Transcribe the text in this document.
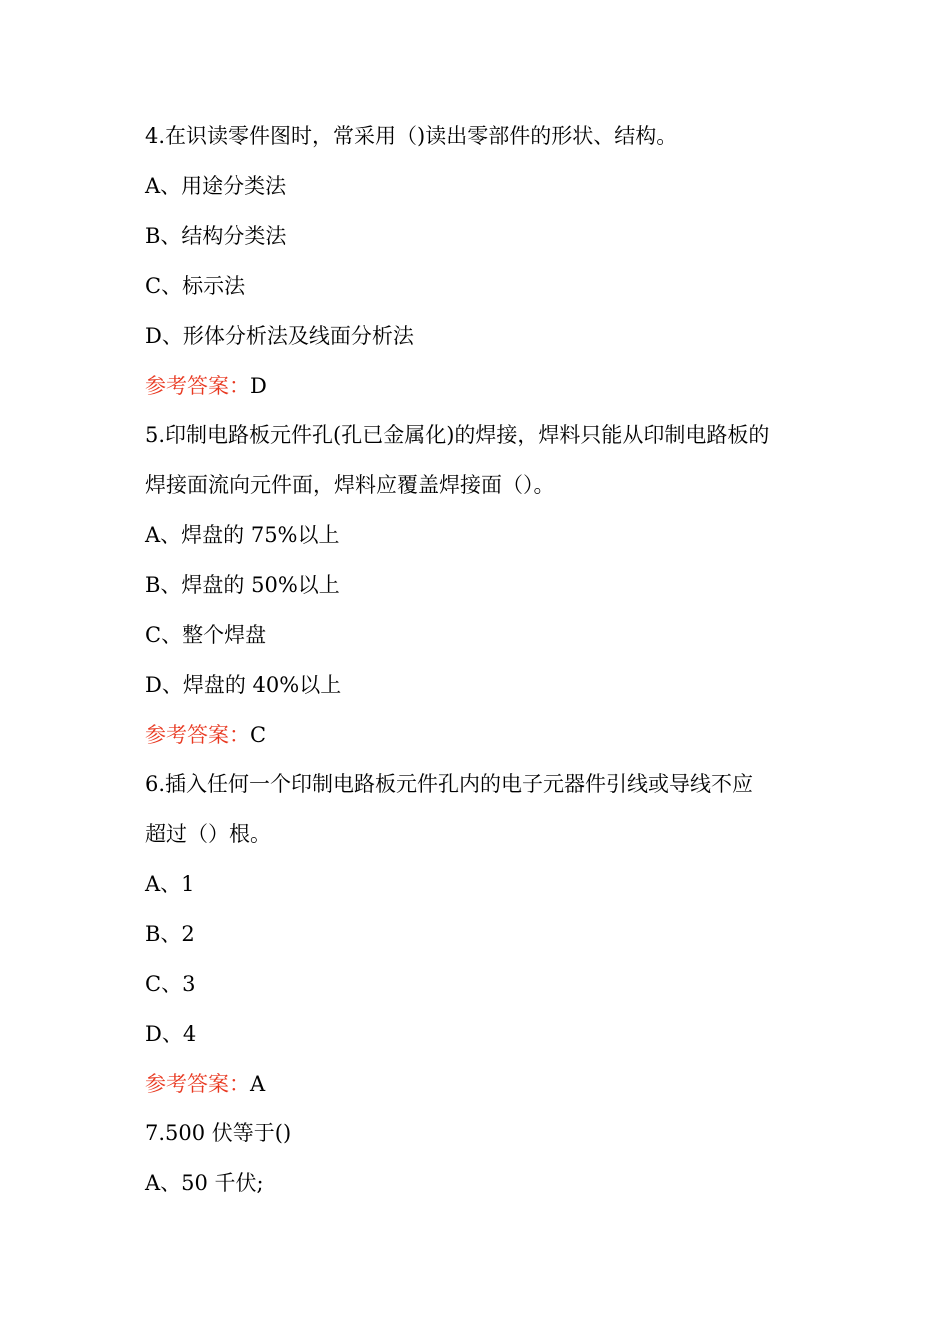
4.在识读零件图时，常采用（)读出零部件的形状、结构。
A、用途分类法
B、结构分类法
C、标示法
D、形体分析法及线面分析法
参考答案：D
5.印制电路板元件孔(孔已金属化)的焊接，焊料只能从印制电路板的
焊接面流向元件面，焊料应覆盖焊接面（）。
A、焊盘的 75%以上
B、焊盘的 50%以上
C、整个焊盘
D、焊盘的 40%以上
参考答案：C
6.插入任何一个印制电路板元件孔内的电子元器件引线或导线不应
超过（）根。
A、1
B、2
C、3
D、4
参考答案：A
7.500 伏等于()
A、50 千伏;
